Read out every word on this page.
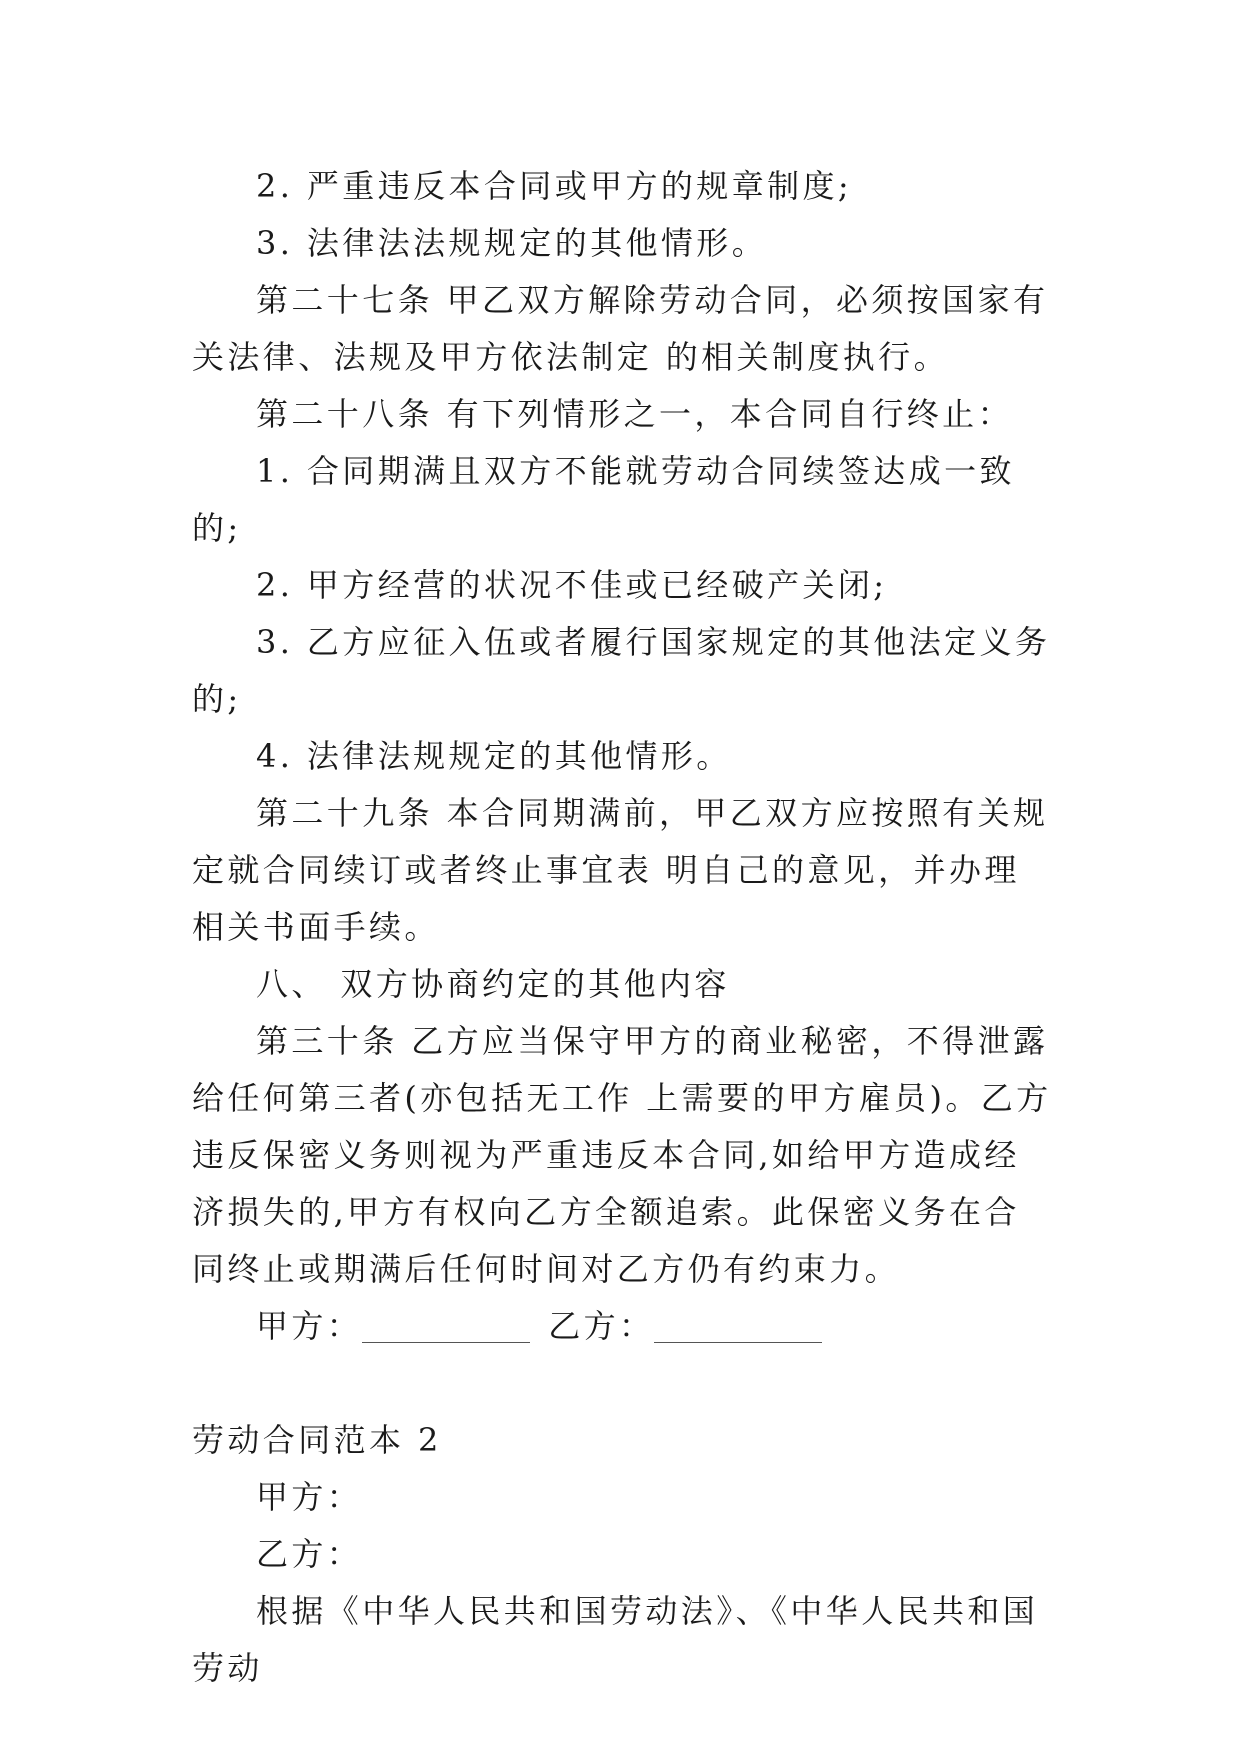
2. 严重违反本合同或甲方的规章制度;

3. 法律法法规规定的其他情形。

第二十七条 甲乙双方解除劳动合同，必须按国家有关法律、法规及甲方依法制定 的相关制度执行。

第二十八条 有下列情形之一，本合同自行终止：

1. 合同期满且双方不能就劳动合同续签达成一致的;

2. 甲方经营的状况不佳或已经破产关闭;

3. 乙方应征入伍或者履行国家规定的其他法定义务的;

4. 法律法规规定的其他情形。

第二十九条 本合同期满前，甲乙双方应按照有关规定就合同续订或者终止事宜表 明自己的意见，并办理相关书面手续。

八、 双方协商约定的其他内容

第三十条 乙方应当保守甲方的商业秘密，不得泄露给任何第三者(亦包括无工作 上需要的甲方雇员)。乙方违反保密义务则视为严重违反本合同,如给甲方造成经济损失的,甲方有权向乙方全额追索。此保密义务在合同终止或期满后任何时间对乙方仍有约束力。

甲方：	乙方：

劳动合同范本 2

甲方：

乙方：

根据《中华人民共和国劳动法》、《中华人民共和国劳动
